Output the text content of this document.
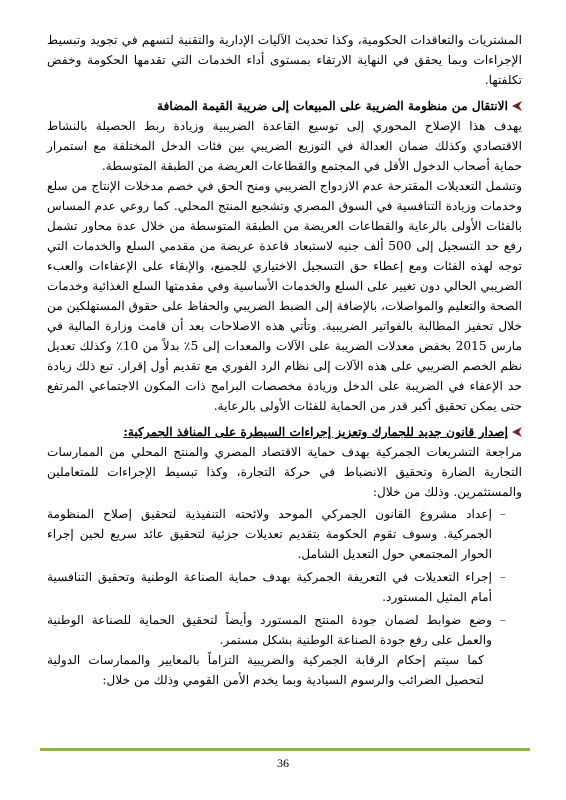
المشتريات والتعاقدات الحكومية، وكذا تحديث الآليات الإدارية والتقنية لتسهم في تجويد وتبسيط الإجراءات وبما يحقق في النهاية الارتقاء بمستوى أداء الخدمات التي تقدمها الحكومة وخفض تكلفتها.

الانتقال من منظومة الضريبة على المبيعات إلى ضريبة القيمة المضافة

يهدف هذا الإصلاح المحوري إلى توسيع القاعدة الضريبية وزيادة ربط الحصيلة بالنشاط الاقتصادي وكذلك ضمان العدالة في التوزيع الضريبي بين فئات الدخل المختلفة مع استمرار حماية أصحاب الدخول الأقل في المجتمع والقطاعات العريضة من الطبقة المتوسطة.

وتشمل التعديلات المقترحة عدم الازدواج الضريبي ومنح الحق في خصم مدخلات الإنتاج من سلع وخدمات وزيادة التنافسية في السوق المصري وتشجيع المنتج المحلي. كما روعي عدم المساس بالفئات الأولى بالرعاية والقطاعات العريضة من الطبقة المتوسطة من خلال عدة محاور تشمل رفع حد التسجيل إلى 500 ألف جنيه لاستبعاد قاعدة عريضة من مقدمي السلع والخدمات التي توجه لهذه الفئات ومع إعطاء حق التسجيل الاختياري للجميع، والإبقاء على الإعفاءات والعبء الضريبي الحالي دون تغيير على السلع والخدمات الأساسية وفي مقدمتها السلع الغذائية وخدمات الصحة والتعليم والمواصلات، بالإضافة إلى الضبط الضريبي والحفاظ على حقوق المستهلكين من خلال تحفيز المطالبة بالفواتير الضريبية. وتأتي هذه الاصلاحات بعد أن قامت وزارة المالية في مارس 2015 بخفض معدلات الضريبة على الآلات والمعدات إلى 5٪ بدلاً من 10٪ وكذلك تعديل نظم الخصم الضريبي على هذه الآلات إلى نظام الرد الفوري مع تقديم أول إقرار. تبع ذلك زيادة حد الإعفاء في الضريبة على الدخل وزيادة مخصصات البرامج ذات المكون الاجتماعي المرتفع حتى يمكن تحقيق أكبر قدر من الحماية للفئات الأولى بالرعاية.

إصدار قانون جديد للجمارك وتعزيز إجراءات السيطرة على المنافذ الجمركية:

مراجعة التشريعات الجمركية بهدف حماية الاقتصاد المصري والمنتج المحلي من الممارسات التجارية الضارة وتحقيق الانضباط في حركة التجارة، وكذا تبسيط الإجراءات للمتعاملين والمستثمرين. وذلك من خلال:

–
إعداد مشروع القانون الجمركي الموحد ولائحته التنفيذية لتحقيق إصلاح المنظومة الجمركية. وسوف تقوم الحكومة بتقديم تعديلات جزئية لتحقيق عائد سريع لحين إجراء الحوار المجتمعي حول التعديل الشامل.
–
إجراء التعديلات في التعريفة الجمركية بهدف حماية الصناعة الوطنية وتحقيق التنافسية أمام المثيل المستورد.
–
وضع ضوابط لضمان جودة المنتج المستورد وأيضاً لتحقيق الحماية للصناعة الوطنية والعمل على رفع جودة الصناعة الوطنية بشكل مستمر.

كما سيتم إحكام الرقابة الجمركية والضريبية التزاماً بالمعايير والممارسات الدولية لتحصيل الضرائب والرسوم السيادية وبما يخدم الأمن القومي وذلك من خلال:

36
